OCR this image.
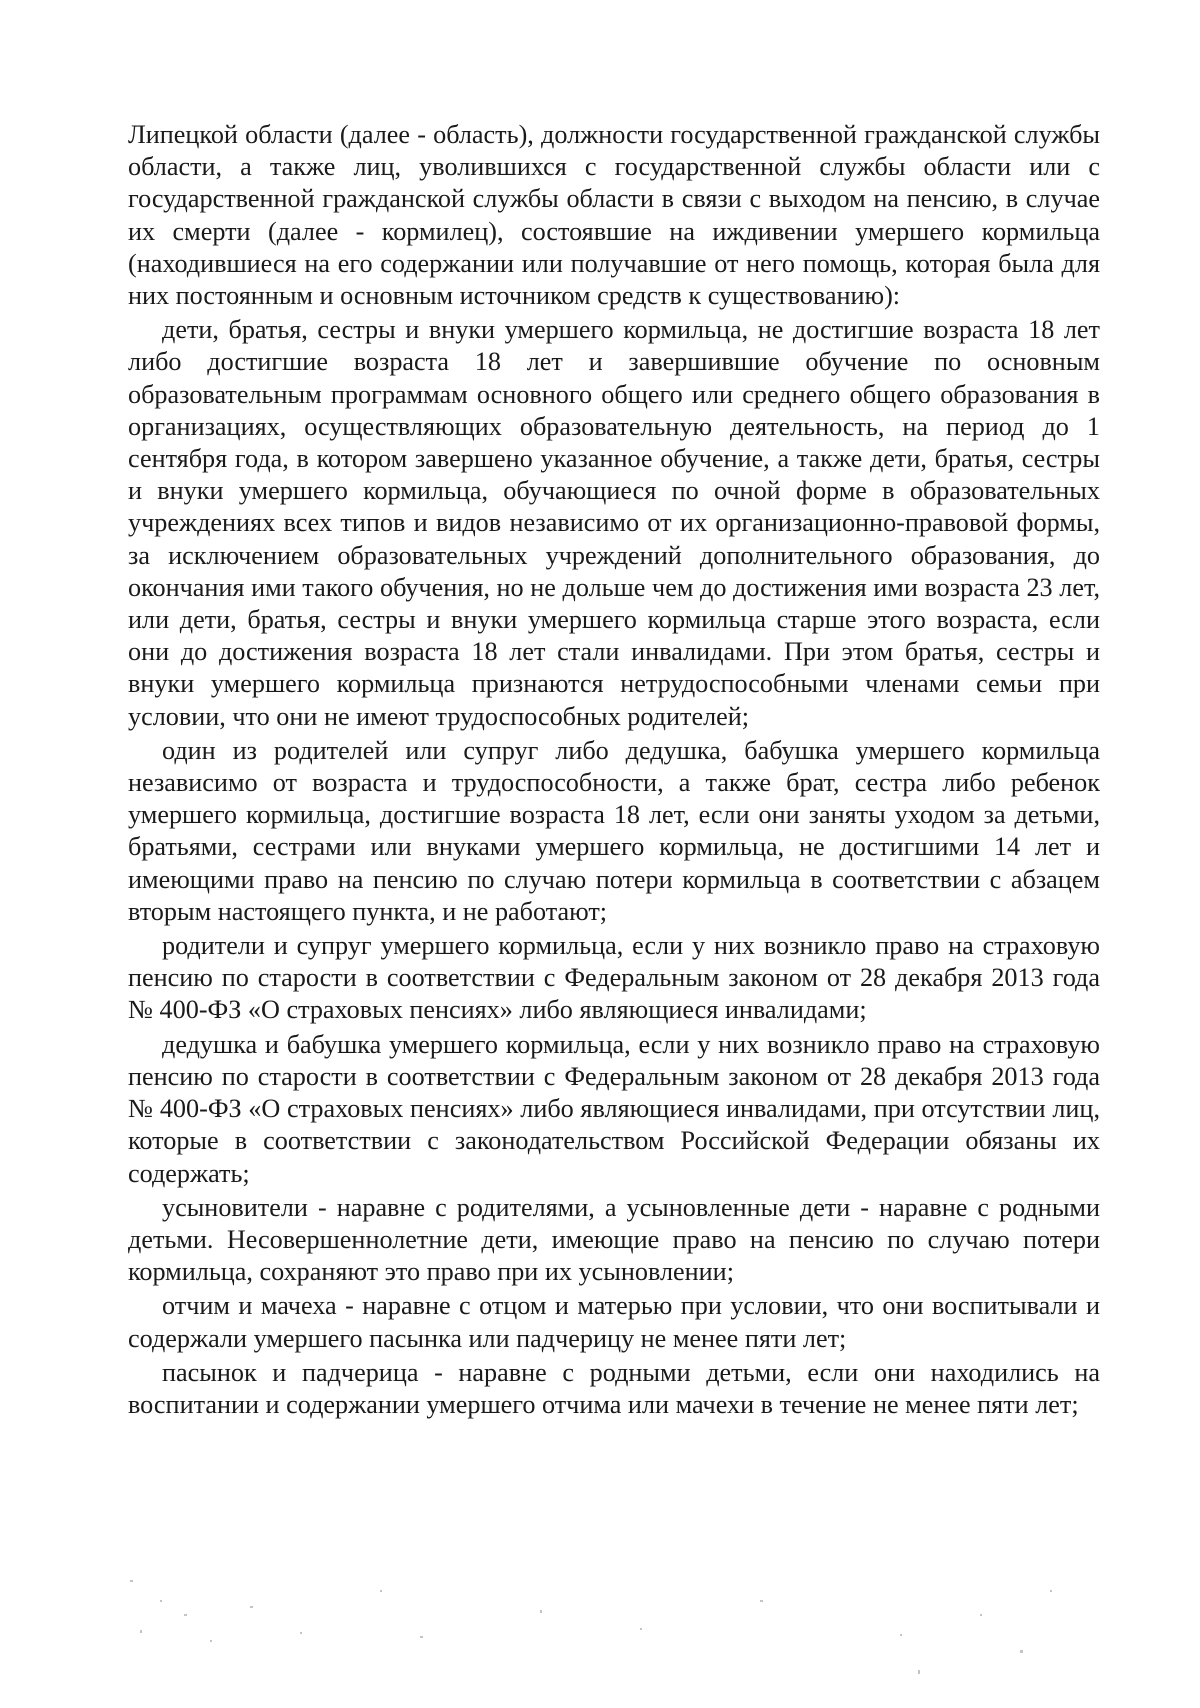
Липецкой области (далее - область), должности государственной гражданской службы области, а также лиц, уволившихся с государственной службы области или с государственной гражданской службы области в связи с выходом на пенсию, в случае их смерти (далее - кормилец), состоявшие на иждивении умершего кормильца (находившиеся на его содержании или получавшие от него помощь, которая была для них постоянным и основным источником средств к существованию):

дети, братья, сестры и внуки умершего кормильца, не достигшие возраста 18 лет либо достигшие возраста 18 лет и завершившие обучение по основным образовательным программам основного общего или среднего общего образования в организациях, осуществляющих образовательную деятельность, на период до 1 сентября года, в котором завершено указанное обучение, а также дети, братья, сестры и внуки умершего кормильца, обучающиеся по очной форме в образовательных учреждениях всех типов и видов независимо от их организационно-правовой формы, за исключением образовательных учреждений дополнительного образования, до окончания ими такого обучения, но не дольше чем до достижения ими возраста 23 лет, или дети, братья, сестры и внуки умершего кормильца старше этого возраста, если они до достижения возраста 18 лет стали инвалидами. При этом братья, сестры и внуки умершего кормильца признаются нетрудоспособными членами семьи при условии, что они не имеют трудоспособных родителей;

один из родителей или супруг либо дедушка, бабушка умершего кормильца независимо от возраста и трудоспособности, а также брат, сестра либо ребенок умершего кормильца, достигшие возраста 18 лет, если они заняты уходом за детьми, братьями, сестрами или внуками умершего кормильца, не достигшими 14 лет и имеющими право на пенсию по случаю потери кормильца в соответствии с абзацем вторым настоящего пункта, и не работают;

родители и супруг умершего кормильца, если у них возникло право на страховую пенсию по старости в соответствии с Федеральным законом от 28 декабря 2013 года № 400-ФЗ «О страховых пенсиях» либо являющиеся инвалидами;

дедушка и бабушка умершего кормильца, если у них возникло право на страховую пенсию по старости в соответствии с Федеральным законом от 28 декабря 2013 года № 400-ФЗ «О страховых пенсиях» либо являющиеся инвалидами, при отсутствии лиц, которые в соответствии с законодательством Российской Федерации обязаны их содержать;

усыновители - наравне с родителями, а усыновленные дети - наравне с родными детьми. Несовершеннолетние дети, имеющие право на пенсию по случаю потери кормильца, сохраняют это право при их усыновлении;

отчим и мачеха - наравне с отцом и матерью при условии, что они воспитывали и содержали умершего пасынка или падчерицу не менее пяти лет;

пасынок и падчерица - наравне с родными детьми, если они находились на воспитании и содержании умершего отчима или мачехи в течение не менее пяти лет;
